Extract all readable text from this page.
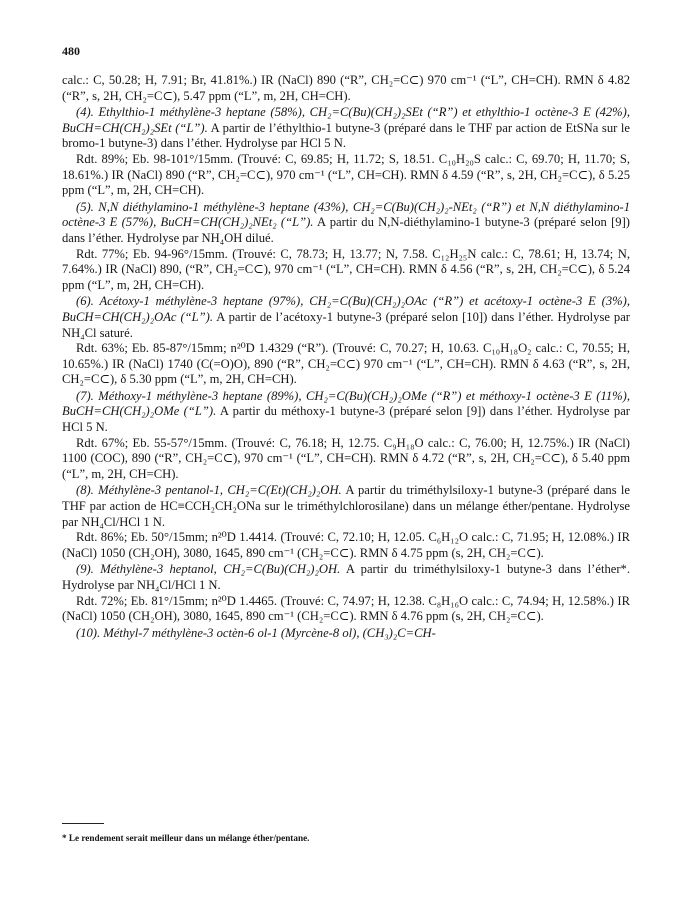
480

calc.: C, 50.28; H, 7.91; Br, 41.81%.) IR (NaCl) 890 (“R”, CH₂=C⊂) 970 cm⁻¹ (“L”, CH=CH). RMN δ 4.82 (“R”, s, 2H, CH₂=C⊂), 5.47 ppm (“L”, m, 2H, CH=CH).

(4). Ethylthio-1 méthylène-3 heptane (58%), CH₂=C(Bu)(CH₂)₂SEt (“R”) et ethylthio-1 octène-3 E (42%), BuCH=CH(CH₂)₂SEt (“L”). A partir de l’éthylthio-1 butyne-3 (préparé dans le THF par action de EtSNa sur le bromo-1 butyne-3) dans l’éther. Hydrolyse par HCl 5 N.

Rdt. 89%; Eb. 98-101°/15mm. (Trouvé: C, 69.85; H, 11.72; S, 18.51. C₁₀H₂₀S calc.: C, 69.70; H, 11.70; S, 18.61%.) IR (NaCl) 890 (“R”, CH₂=C⊂), 970 cm⁻¹ (“L”, CH=CH). RMN δ 4.59 (“R”, s, 2H, CH₂=C⊂), δ 5.25 ppm (“L”, m, 2H, CH=CH).

(5). N,N diéthylamino-1 méthylène-3 heptane (43%), CH₂=C(Bu)(CH₂)₂-NEt₂ (“R”) et N,N diéthylamino-1 octène-3 E (57%), BuCH=CH(CH₂)₂NEt₂ (“L”). A partir du N,N-diéthylamino-1 butyne-3 (préparé selon [9]) dans l’éther. Hydrolyse par NH₄OH dilué.

Rdt. 77%; Eb. 94-96°/15mm. (Trouvé: C, 78.73; H, 13.77; N, 7.58. C₁₂H₂₅N calc.: C, 78.61; H, 13.74; N, 7.64%.) IR (NaCl) 890, (“R”, CH₂=C⊂), 970 cm⁻¹ (“L”, CH=CH). RMN δ 4.56 (“R”, s, 2H, CH₂=C⊂), δ 5.24 ppm (“L”, m, 2H, CH=CH).

(6). Acétoxy-1 méthylène-3 heptane (97%), CH₂=C(Bu)(CH₂)₂OAc (“R”) et acétoxy-1 octène-3 E (3%), BuCH=CH(CH₂)₂OAc (“L”). A partir de l’acétoxy-1 butyne-3 (préparé selon [10]) dans l’éther. Hydrolyse par NH₄Cl saturé.

Rdt. 63%; Eb. 85-87°/15mm; n²⁰D 1.4329 (“R”). (Trouvé: C, 70.27; H, 10.63. C₁₀H₁₈O₂ calc.: C, 70.55; H, 10.65%.) IR (NaCl) 1740 (C(=O)O), 890 (“R”, CH₂=C⊂) 970 cm⁻¹ (“L”, CH=CH). RMN δ 4.63 (“R”, s, 2H, CH₂=C⊂), δ 5.30 ppm (“L”, m, 2H, CH=CH).

(7). Méthoxy-1 méthylène-3 heptane (89%), CH₂=C(Bu)(CH₂)₂OMe (“R”) et méthoxy-1 octène-3 E (11%), BuCH=CH(CH₂)₂OMe (“L”). A partir du méthoxy-1 butyne-3 (préparé selon [9]) dans l’éther. Hydrolyse par HCl 5 N.

Rdt. 67%; Eb. 55-57°/15mm. (Trouvé: C, 76.18; H, 12.75. C₉H₁₈O calc.: C, 76.00; H, 12.75%.) IR (NaCl) 1100 (COC), 890 (“R”, CH₂=C⊂), 970 cm⁻¹ (“L”, CH=CH). RMN δ 4.72 (“R”, s, 2H, CH₂=C⊂), δ 5.40 ppm (“L”, m, 2H, CH=CH).

(8). Méthylène-3 pentanol-1, CH₂=C(Et)(CH₂)₂OH. A partir du triméthylsiloxy-1 butyne-3 (préparé dans le THF par action de HC≡CCH₂CH₂ONa sur le triméthylchlorosilane) dans un mélange éther/pentane. Hydrolyse par NH₄Cl/HCl 1 N.

Rdt. 86%; Eb. 50°/15mm; n²⁰D 1.4414. (Trouvé: C, 72.10; H, 12.05. C₆H₁₂O calc.: C, 71.95; H, 12.08%.) IR (NaCl) 1050 (CH₂OH), 3080, 1645, 890 cm⁻¹ (CH₂=C⊂). RMN δ 4.75 ppm (s, 2H, CH₂=C⊂).

(9). Méthylène-3 heptanol, CH₂=C(Bu)(CH₂)₂OH. A partir du triméthylsiloxy-1 butyne-3 dans l’éther*. Hydrolyse par NH₄Cl/HCl 1 N.

Rdt. 72%; Eb. 81°/15mm; n²⁰D 1.4465. (Trouvé: C, 74.97; H, 12.38. C₈H₁₆O calc.: C, 74.94; H, 12.58%.) IR (NaCl) 1050 (CH₂OH), 3080, 1645, 890 cm⁻¹ (CH₂=C⊂). RMN δ 4.76 ppm (s, 2H, CH₂=C⊂).

(10). Méthyl-7 méthylène-3 octèn-6 ol-1 (Myrcène-8 ol), (CH₃)₂C=CH-

* Le rendement serait meilleur dans un mélange éther/pentane.
